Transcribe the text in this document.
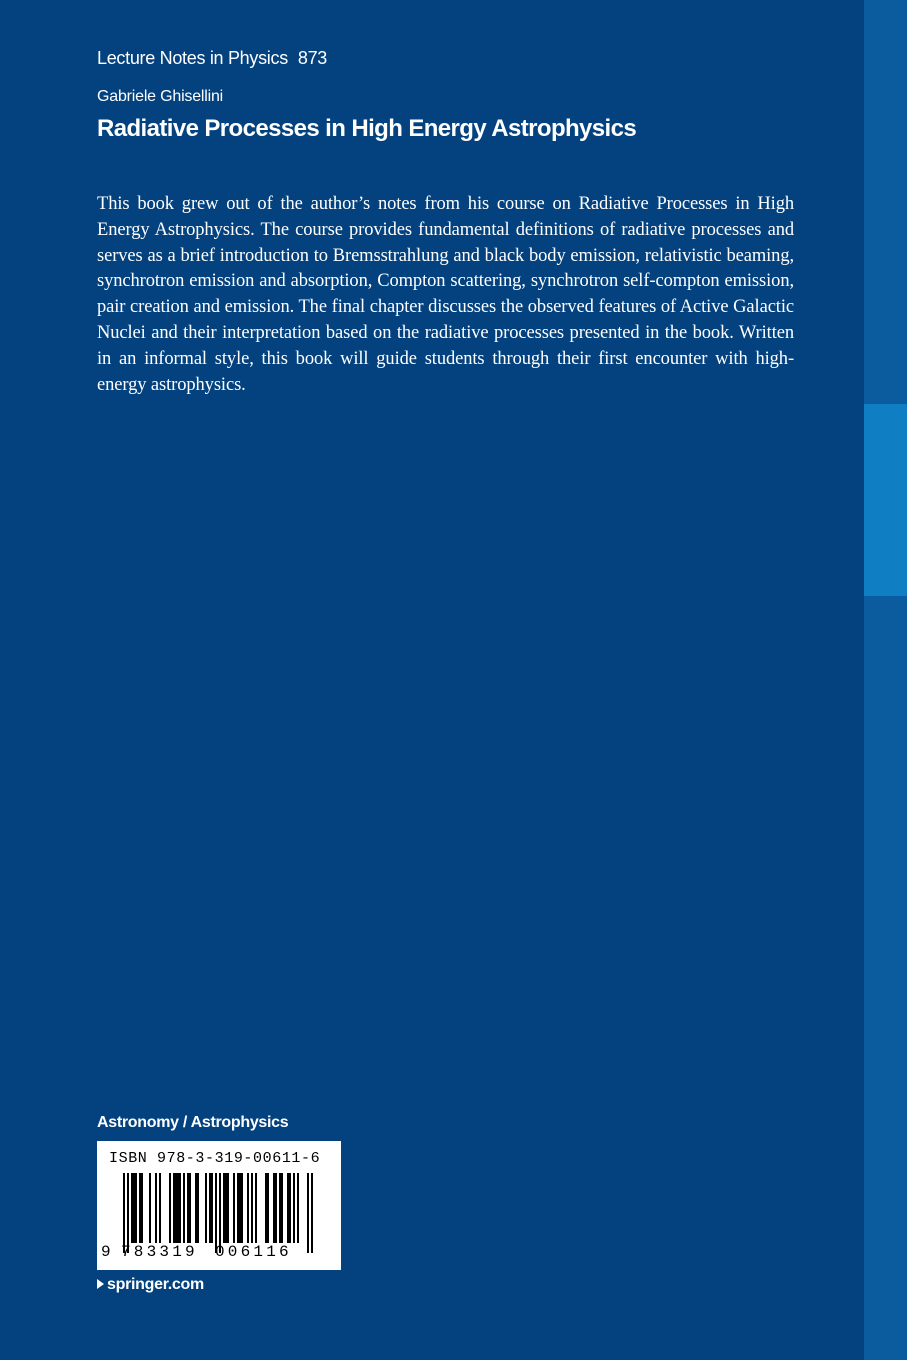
Lecture Notes in Physics 873
Gabriele Ghisellini
Radiative Processes in High Energy Astrophysics

This book grew out of the author’s notes from his course on Radiative Processes in High Energy Astrophysics. The course provides fundamental definitions of radiative processes and serves as a brief introduction to Bremsstrahlung and black body emission, relativistic beaming, synchrotron emission and absorption, Compton scattering, synchrotron self-compton emission, pair creation and emission. The final chapter discusses the observed features of Active Galactic Nuclei and their interpretation based on the radiative processes presented in the book. Written in an informal style, this book will guide students through their first encounter with high-energy astrophysics.

Astronomy / Astrophysics
ISBN 978-3-319-00611-6
9 783319 006116
springer.com
